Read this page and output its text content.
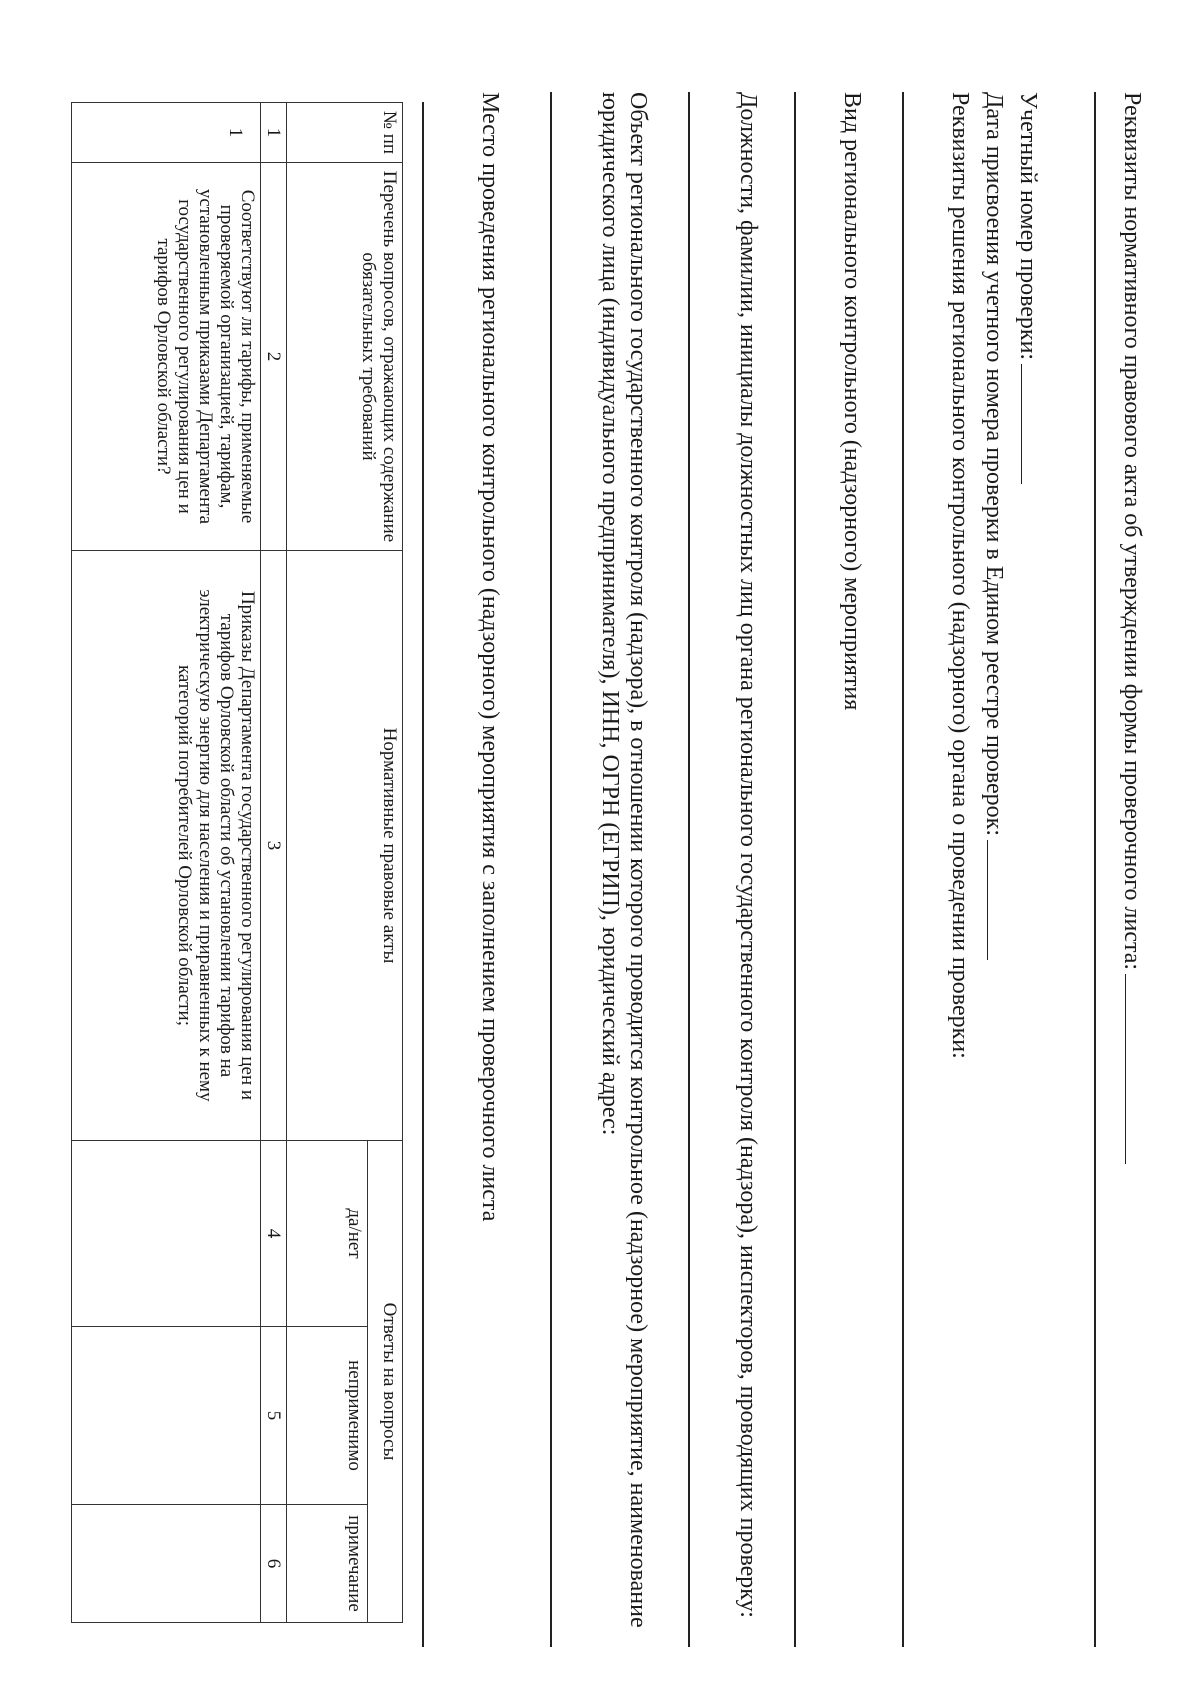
Реквизиты нормативного правового акта об утверждении формы проверочного листа:
Учетный номер проверки:
Дата присвоения учетного номера проверки в Едином реестре проверок:
Реквизиты решения регионального контрольного (надзорного) органа о проведении проверки:
Вид регионального контрольного (надзорного) мероприятия
Должности, фамилии, инициалы должностных лиц органа регионального государственного контроля (надзора), инспекторов, проводящих проверку:
Объект регионального государственного контроля (надзора), в отношении которого проводится контрольное (надзорное) мероприятие, наименование юридического лица (индивидуального предпринимателя), ИНН, ОГРН (ЕГРИП), юридический адрес:
Место проведения регионального контрольного (надзорного) мероприятия с заполнением проверочного листа
№ пп	Перечень вопросов, отражающих содержание обязательных требований	Нормативные правовые акты	Ответы на вопросы		
			да/нет	неприменимо	примечание
1	2	3	4	5	6
1	Соответствуют ли тарифы, применяемые проверяемой организацией, тарифам, установленным приказами Департамента государственного регулирования цен и тарифов Орловской области?	Приказы Департамента государственного регулирования цен и тарифов Орловской области об установлении тарифов на электрическую энергию для населения и приравненных к нему категорий потребителей Орловской области;			
